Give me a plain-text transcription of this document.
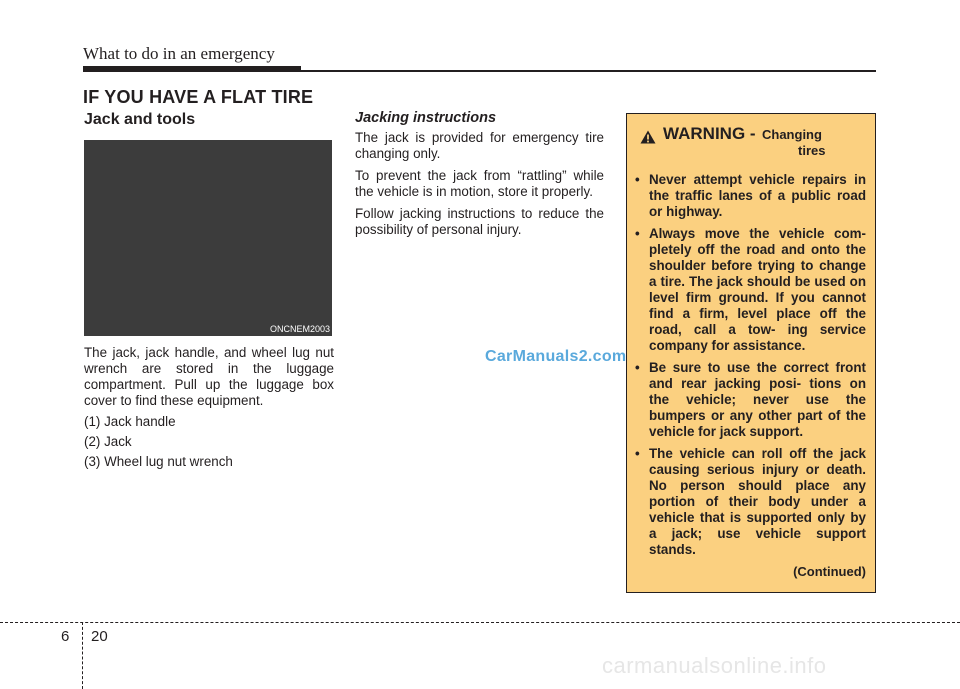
What to do in an emergency
IF YOU HAVE A FLAT TIRE
Jack and tools
ONCNEM2003
The jack, jack handle, and wheel lug nut wrench are stored in the luggage compartment. Pull up the luggage box cover to find these equipment.
(1) Jack handle
(2) Jack
(3) Wheel lug nut wrench
Jacking instructions

The jack is provided for emergency tire changing only.

To prevent the jack from “rattling” while the vehicle is in motion, store it properly.

Follow jacking instructions to reduce the possibility of personal injury.

WARNING - Changing
tires
• Never attempt vehicle repairs in the traffic lanes of a public road or highway.
• Always move the vehicle com- pletely off the road and onto the shoulder before trying to change a tire. The jack should be used on level firm ground. If you cannot find a firm, level place off the road, call a tow- ing service company for assistance.
• Be sure to use the correct front and rear jacking posi- tions on the vehicle; never use the bumpers or any other part of the vehicle for jack support.
• The vehicle can roll off the jack causing serious injury or death. No person should place any portion of their body under a vehicle that is supported only by a jack; use vehicle support stands.
(Continued)
CarManuals2.com
6 20
carmanualsonline.info
